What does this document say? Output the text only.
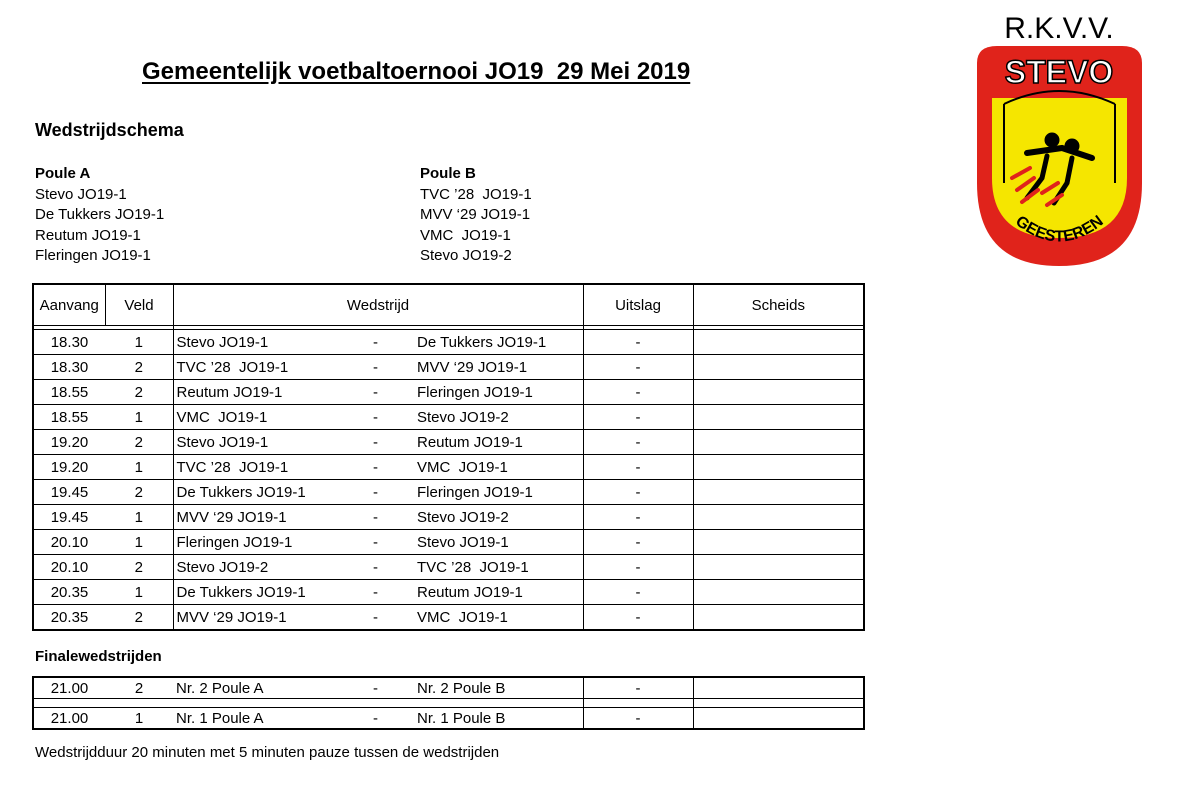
Gemeentelijk voetbaltoernooi JO19  29 Mei 2019
Wedstrijdschema
Poule A
Stevo JO19-1
De Tukkers JO19-1
Reutum JO19-1
Fleringen JO19-1
Poule B
TVC ’28  JO19-1
MVV ‘29 JO19-1
VMC  JO19-1
Stevo JO19-2
Aanvang	Veld	Wedstrijd			Uitslag	Scheids

18.30	1	Stevo JO19-1	-	De Tukkers JO19-1	-	
18.30	2	TVC ’28  JO19-1	-	MVV ‘29 JO19-1	-	
18.55	2	Reutum JO19-1	-	Fleringen JO19-1	-	
18.55	1	VMC  JO19-1	-	Stevo JO19-2	-	
19.20	2	Stevo JO19-1	-	Reutum JO19-1	-	
19.20	1	TVC ’28  JO19-1	-	VMC  JO19-1	-	
19.45	2	De Tukkers JO19-1	-	Fleringen JO19-1	-	
19.45	1	MVV ‘29 JO19-1	-	Stevo JO19-2	-	
20.10	1	Fleringen JO19-1	-	Stevo JO19-1	-	
20.10	2	Stevo JO19-2	-	TVC ’28  JO19-1	-	
20.35	1	De Tukkers JO19-1	-	Reutum JO19-1	-	
20.35	2	MVV ‘29 JO19-1	-	VMC  JO19-1	-	
Finalewedstrijden
21.00	2	Nr. 2 Poule A	-	Nr. 2 Poule B	-	

21.00	1	Nr. 1 Poule A	-	Nr. 1 Poule B	-	
Wedstrijdduur 20 minuten met 5 minuten pauze tussen de wedstrijden
R.K.V.V.
STEVO
GEESTEREN
